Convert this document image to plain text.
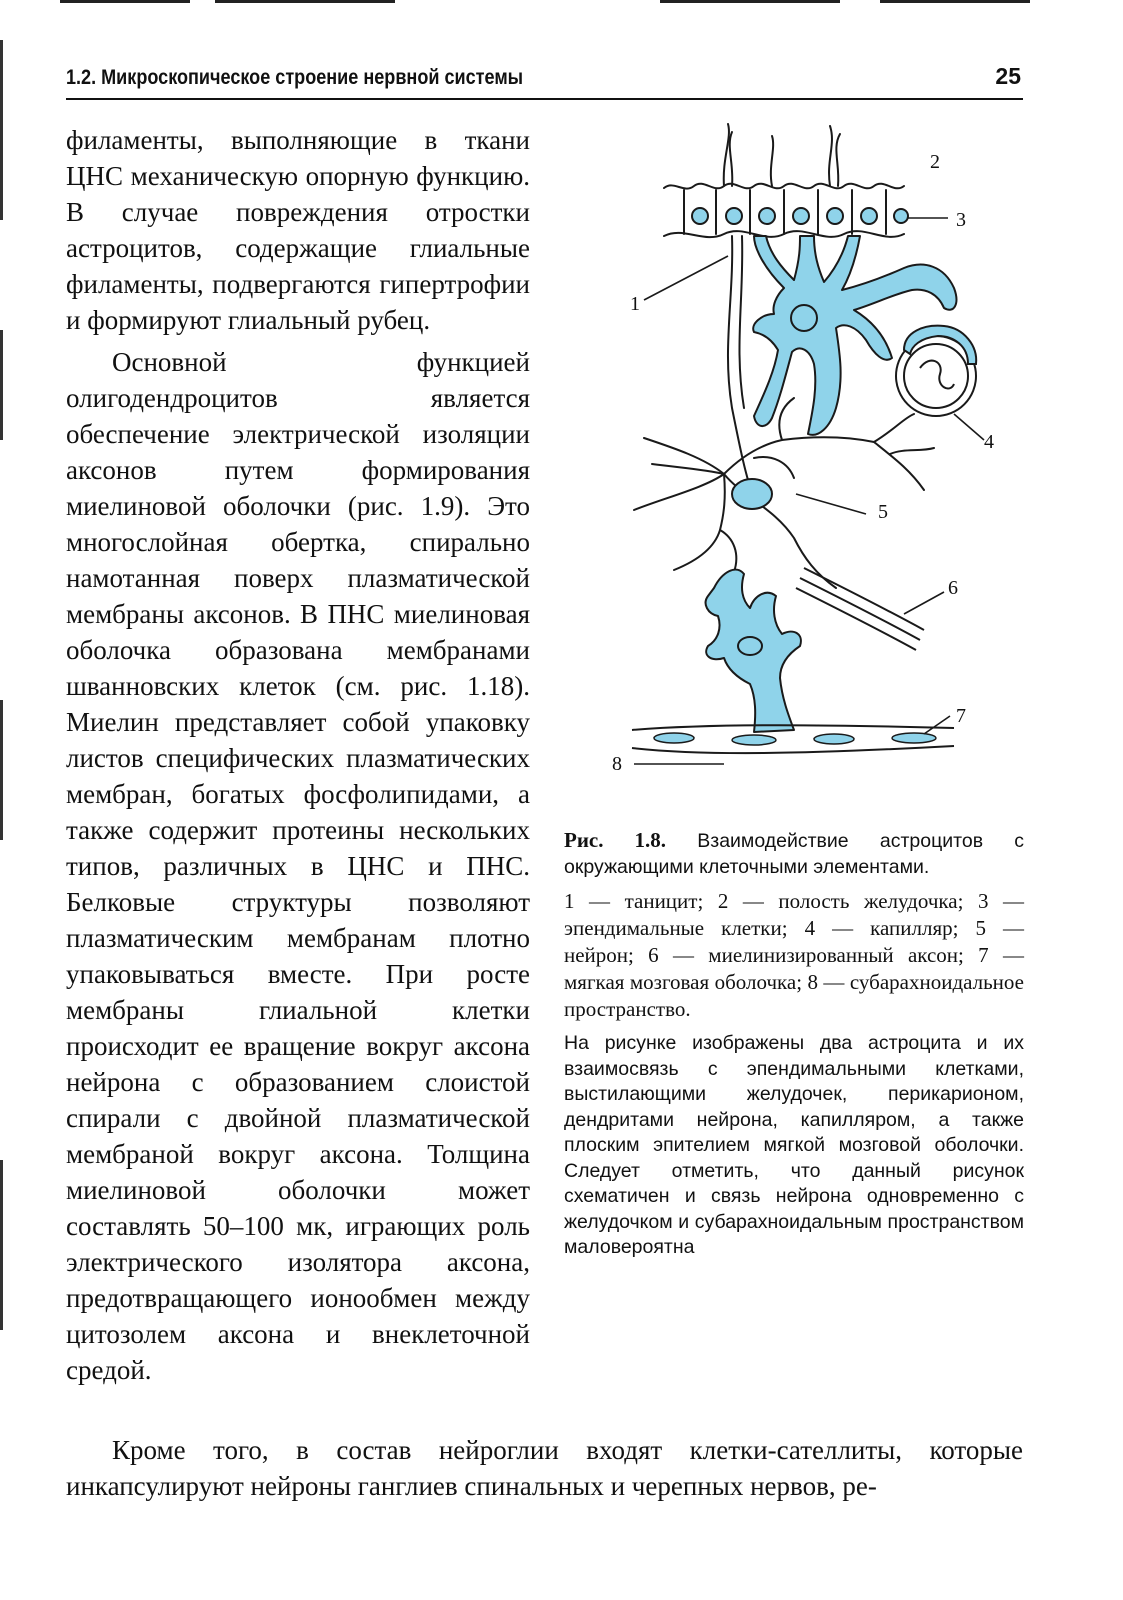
1.2. Микроскопическое строение нервной системы	25

филаменты, выполняющие в ткани ЦНС механическую опорную функцию. В случае повреждения отростки астроцитов, содержащие глиальные филаменты, подвергаются гипертрофии и формируют глиальный рубец.

Основной функцией олигодендроцитов является обеспечение электрической изоляции аксонов путем формирования миелиновой оболочки (рис. 1.9). Это многослойная обертка, спирально намотанная поверх плазматической мембраны аксонов. В ПНС миелиновая оболочка образована мембранами шванновских клеток (см. рис. 1.18). Миелин представляет собой упаковку листов специфических плазматических мембран, богатых фосфолипидами, а также содержит протеины нескольких типов, различных в ЦНС и ПНС. Белковые структуры позволяют плазматическим мембранам плотно упаковываться вместе. При росте мембраны глиальной клетки происходит ее вращение вокруг аксона нейрона с образованием слоистой спирали с двойной плазматической мембраной вокруг аксона. Толщина миелиновой оболочки может составлять 50–100 мк, играющих роль электрического изолятора аксона, предотвращающего ионообмен между цитозолем аксона и внеклеточной средой.

1
2
3
4
5
6
7
8

Рис. 1.8. Взаимодействие астроцитов с окружающими клеточными элементами.

1 — таницит; 2 — полость желудочка; 3 — эпендимальные клетки; 4 — капилляр; 5 — нейрон; 6 — миелинизированный аксон; 7 — мягкая мозговая оболочка; 8 — субарахноидальное пространство.

На рисунке изображены два астроцита и их взаимосвязь с эпендимальными клетками, выстилающими желудочек, перикарионом, дендритами нейрона, капилляром, а также плоским эпителием мягкой мозговой оболочки. Следует отметить, что данный рисунок схематичен и связь нейрона одновременно с желудочком и субарахноидальным пространством маловероятна

Кроме того, в состав нейроглии входят клетки-сателлиты, которые инкапсулируют нейроны ганглиев спинальных и черепных нервов, ре-
